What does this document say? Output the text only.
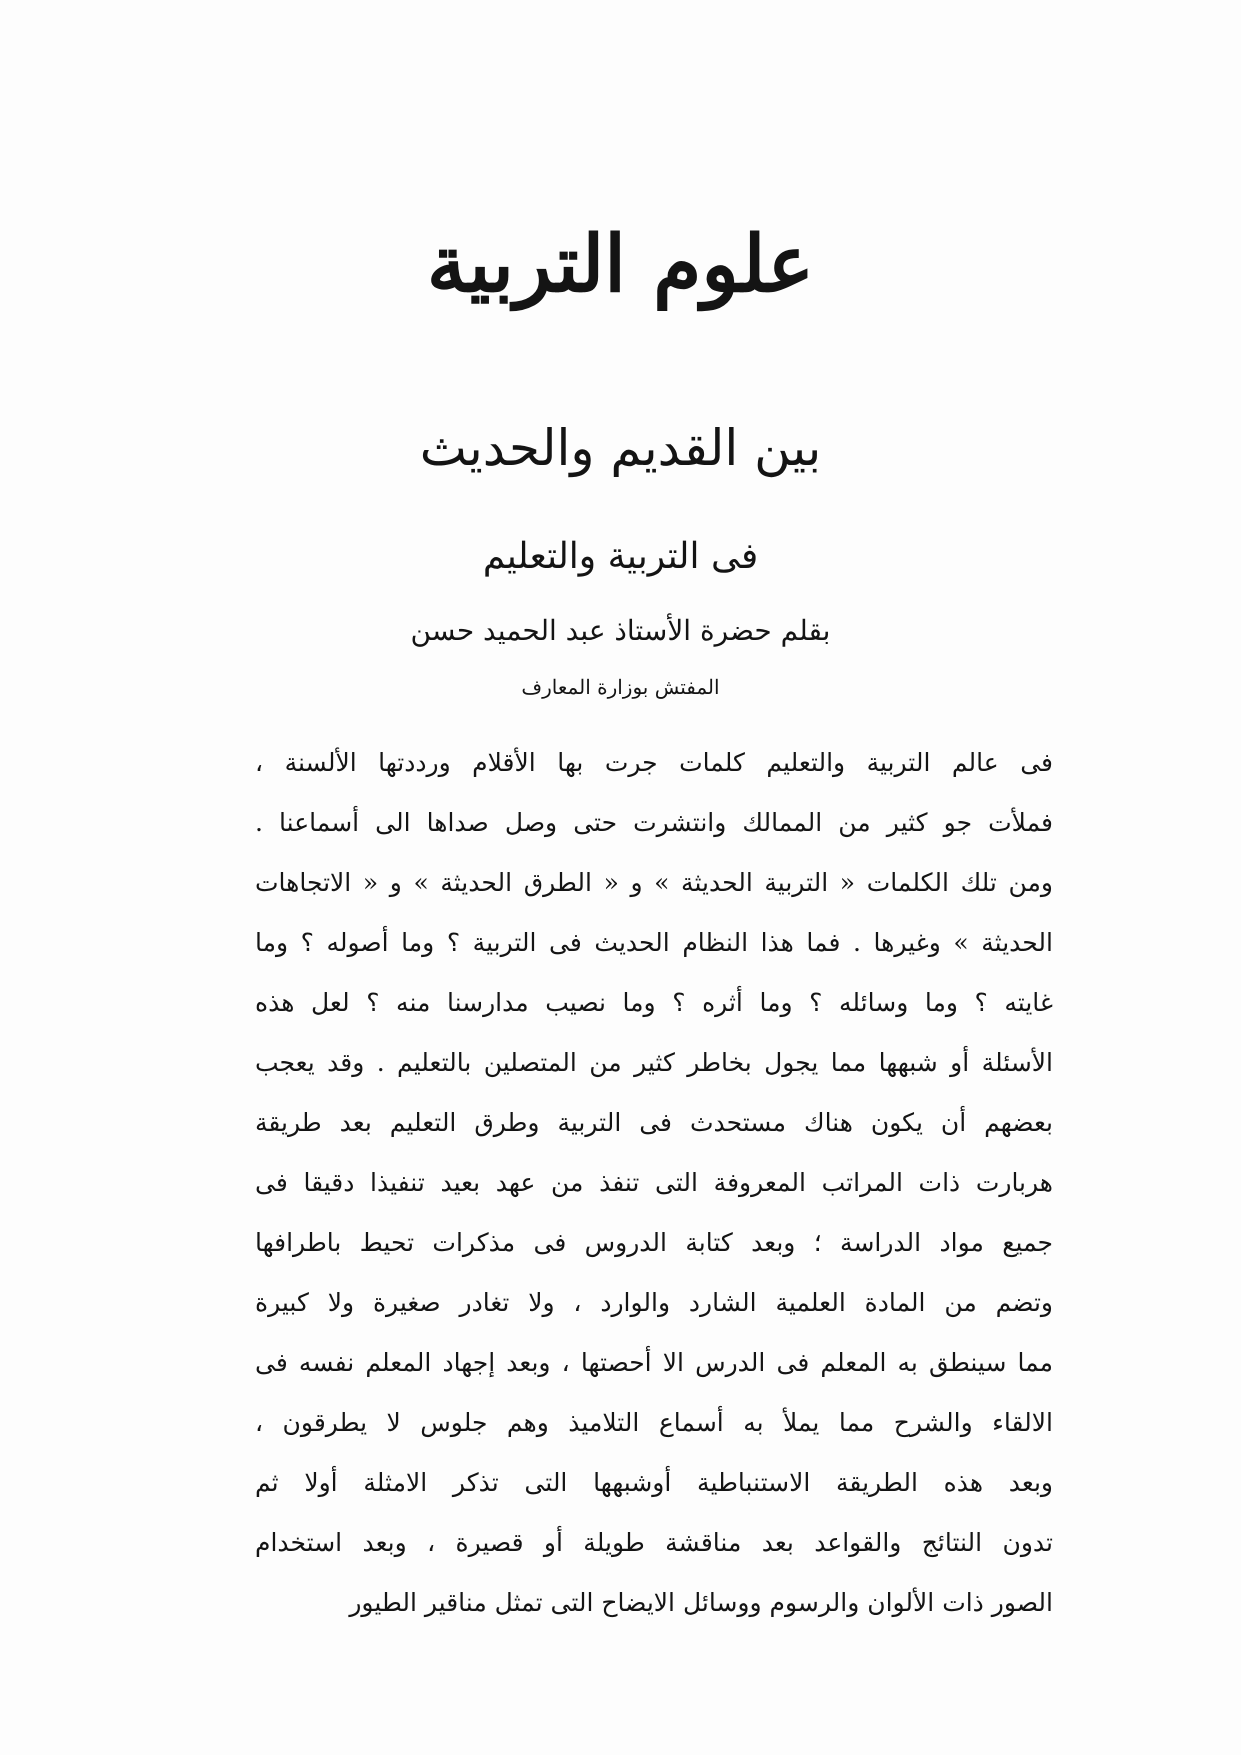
علوم التربية
بين القديم والحديث
فى التربية والتعليم
بقلم حضرة الأستاذ عبد الحميد حسن
المفتش بوزارة المعارف
فى عالم التربية والتعليم كلمات جرت بها الأقلام ورددتها الألسنة ،
فملأت جو كثير من الممالك وانتشرت حتى وصل صداها الى أسماعنا .
ومن تلك الكلمات « التربية الحديثة » و « الطرق الحديثة » و « الاتجاهات
الحديثة » وغيرها . فما هذا النظام الحديث فى التربية ؟ وما أصوله ؟ وما
غايته ؟ وما وسائله ؟ وما أثره ؟ وما نصيب مدارسنا منه ؟ لعل هذه
الأسئلة أو شبهها مما يجول بخاطر كثير من المتصلين بالتعليم . وقد يعجب
بعضهم أن يكون هناك مستحدث فى التربية وطرق التعليم بعد طريقة
هربارت ذات المراتب المعروفة التى تنفذ من عهد بعيد تنفيذا دقيقا فى
جميع مواد الدراسة ؛ وبعد كتابة الدروس فى مذكرات تحيط باطرافها
وتضم من المادة العلمية الشارد والوارد ، ولا تغادر صغيرة ولا كبيرة
مما سينطق به المعلم فى الدرس الا أحصتها ، وبعد إجهاد المعلم نفسه فى
الالقاء والشرح مما يملأ به أسماع التلاميذ وهم جلوس لا يطرقون ،
وبعد هذه الطريقة الاستنباطية أوشبهها التى تذكر الامثلة أولا ثم
تدون النتائج والقواعد بعد مناقشة طويلة أو قصيرة ، وبعد استخدام
الصور ذات الألوان والرسوم ووسائل الايضاح التى تمثل مناقير الطيور
